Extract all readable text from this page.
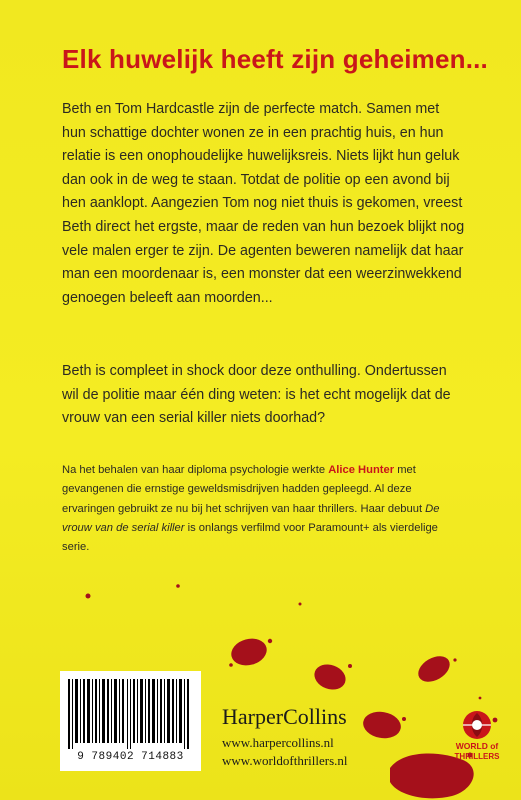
Elk huwelijk heeft zijn geheimen...
Beth en Tom Hardcastle zijn de perfecte match. Samen met hun schattige dochter wonen ze in een prachtig huis, en hun relatie is een onophoudelijke huwelijksreis. Niets lijkt hun geluk dan ook in de weg te staan. Totdat de politie op een avond bij hen aanklopt. Aangezien Tom nog niet thuis is gekomen, vreest Beth direct het ergste, maar de reden van hun bezoek blijkt nog vele malen erger te zijn. De agenten beweren namelijk dat haar man een moordenaar is, een monster dat een weerzinwekkend genoegen beleeft aan moorden...
Beth is compleet in shock door deze onthulling. Ondertussen wil de politie maar één ding weten: is het echt mogelijk dat de vrouw van een serial killer niets doorhad?
Na het behalen van haar diploma psychologie werkte Alice Hunter met gevangenen die ernstige geweldsmisdrijven hadden gepleegd. Al deze ervaringen gebruikt ze nu bij het schrijven van haar thrillers. Haar debuut De vrouw van de serial killer is onlangs verfilmd voor Paramount+ als vierdelige serie.
9 789402 714883
HarperCollins
www.harpercollins.nl
www.worldofthrillers.nl
WORLD of
THRILLERS
